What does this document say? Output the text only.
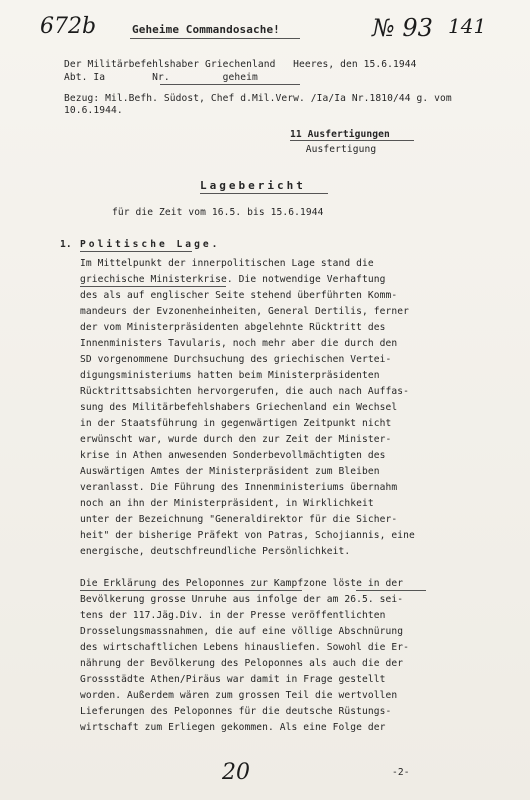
672b	№ 93 141
Geheime Commandosache!
Der Militärbefehlshaber Griechenland   Heeres, den 15.6.1944
Abt. Ia        Nr.         geheim
Bezug: Mil.Befh. Südost, Chef d.Mil.Verw. /Ia/Ia Nr.1810/44 g. vom 10.6.1944.
11 Ausfertigungen
Ausfertigung
Lagebericht
für die Zeit vom 16.5. bis 15.6.1944
1. Politische Lage.
Im Mittelpunkt der innerpolitischen Lage stand die
griechische Ministerkrise. Die notwendige Verhaftung
des als auf englischer Seite stehend überführten Komm-
mandeurs der Evzonenheinheiten, General Dertilis, ferner
der vom Ministerpräsidenten abgelehnte Rücktritt des
Innenministers Tavularis, noch mehr aber die durch den
SD vorgenommene Durchsuchung des griechischen Vertei-
digungsministeriums hatten beim Ministerpräsidenten
Rücktrittsabsichten hervorgerufen, die auch nach Auffas-
sung des Militärbefehlshabers Griechenland ein Wechsel
in der Staatsführung in gegenwärtigen Zeitpunkt nicht
erwünscht war, wurde durch den zur Zeit der Minister-
krise in Athen anwesenden Sonderbevollmächtigten des
Auswärtigen Amtes der Ministerpräsident zum Bleiben
veranlasst. Die Führung des Innenministeriums übernahm
noch an ihn der Ministerpräsident, in Wirklichkeit
unter der Bezeichnung "Generaldirektor für die Sicher-
heit" der bisherige Präfekt von Patras, Schojiannis, eine
energische, deutschfreundliche Persönlichkeit.
Die Erklärung des Peloponnes zur Kampfzone löste in der
Bevölkerung grosse Unruhe aus infolge der am 26.5. sei-
tens der 117.Jäg.Div. in der Presse veröffentlichten
Drosselungsmassnahmen, die auf eine völlige Abschnürung
des wirtschaftlichen Lebens hinausliefen. Sowohl die Er-
nährung der Bevölkerung des Peloponnes als auch die der
Grossstädte Athen/Piräus war damit in Frage gestellt
worden. Außerdem wären zum grossen Teil die wertvollen
Lieferungen des Peloponnes für die deutsche Rüstungs-
wirtschaft zum Erliegen gekommen. Als eine Folge der
20	-2-
